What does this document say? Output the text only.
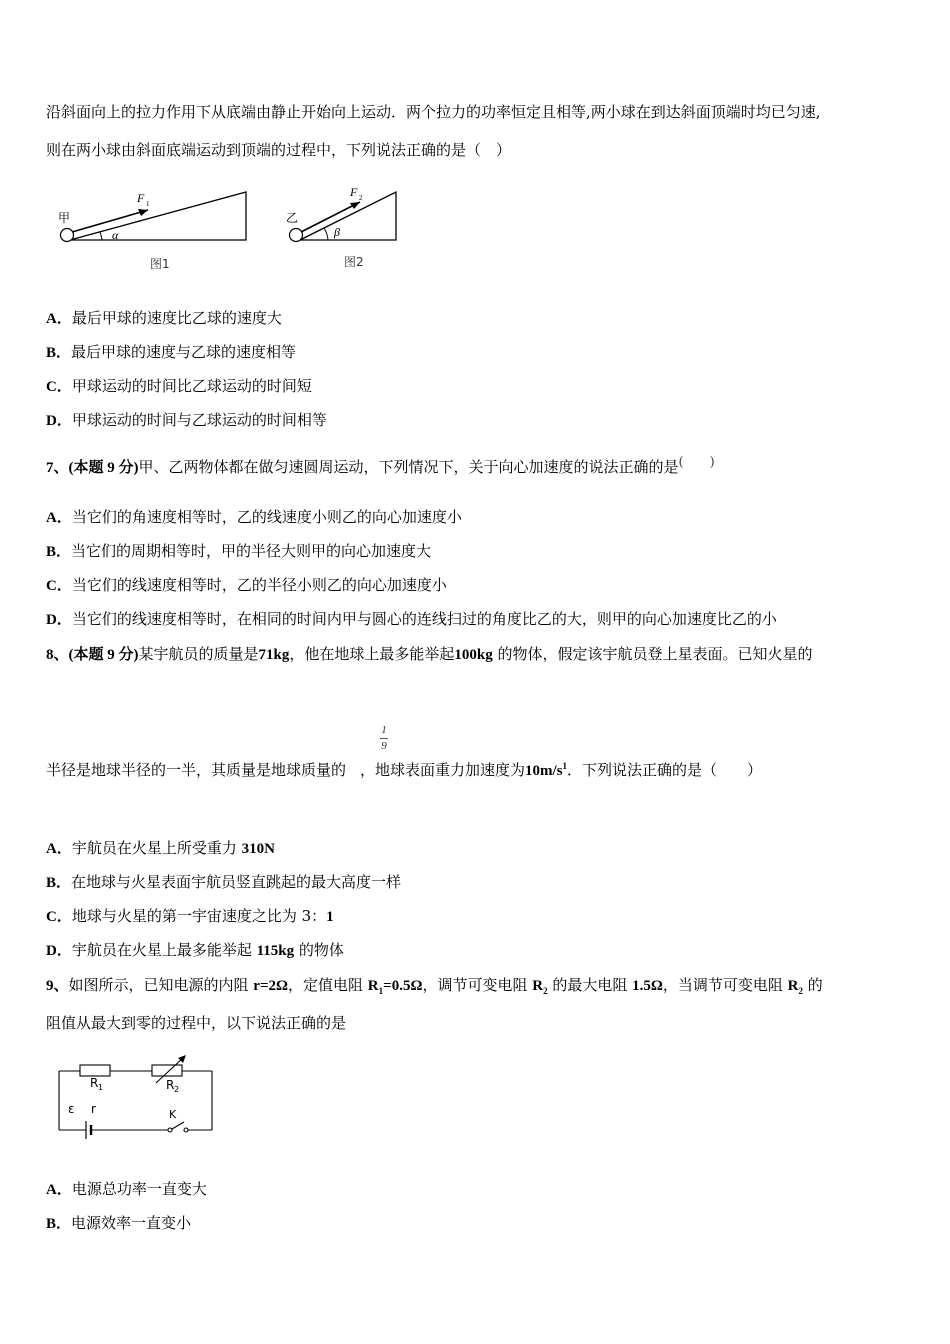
沿斜面向上的拉力作用下从底端由静止开始向上运动．两个拉力的功率恒定且相等,两小球在到达斜面顶端时均已匀速,
则在两小球由斜面底端运动到顶端的过程中，下列说法正确的是（　）
甲
F 1
α
图1
乙
F 2
β
图2
A．最后甲球的速度比乙球的速度大
B．最后甲球的速度与乙球的速度相等
C．甲球运动的时间比乙球运动的时间短
D．甲球运动的时间与乙球运动的时间相等
7、(本题 9 分)甲、乙两物体都在做匀速圆周运动，下列情况下，关于向心加速度的说法正确的是(　　)
A．当它们的角速度相等时，乙的线速度小则乙的向心加速度小
B．当它们的周期相等时，甲的半径大则甲的向心加速度大
C．当它们的线速度相等时，乙的半径小则乙的向心加速度小
D．当它们的线速度相等时，在相同的时间内甲与圆心的连线扫过的角度比乙的大，则甲的向心加速度比乙的小
8、(本题 9 分)某宇航员的质量是71kg，他在地球上最多能举起100kg 的物体，假定该宇航员登上星表面。已知火星的
1
9
半径是地球半径的一半，其质量是地球质量的 ，地球表面重力加速度为$10m/s^1$．下列说法正确的是（　　）
A．宇航员在火星上所受重力 310N
B．在地球与火星表面宇航员竖直跳起的最大高度一样
C．地球与火星的第一宇宙速度之比为 3：1
D．宇航员在火星上最多能举起 115kg 的物体
9、如图所示，已知电源的内阻 r=2Ω，定值电阻 $R_1=0.5\Omega$，调节可变电阻 $R_2$ 的最大电阻 1.5Ω，当调节可变电阻 $R_2$ 的
阻值从最大到零的过程中，以下说法正确的是
R 1	R 2
ε r	K
A．电源总功率一直变大
B．电源效率一直变小
